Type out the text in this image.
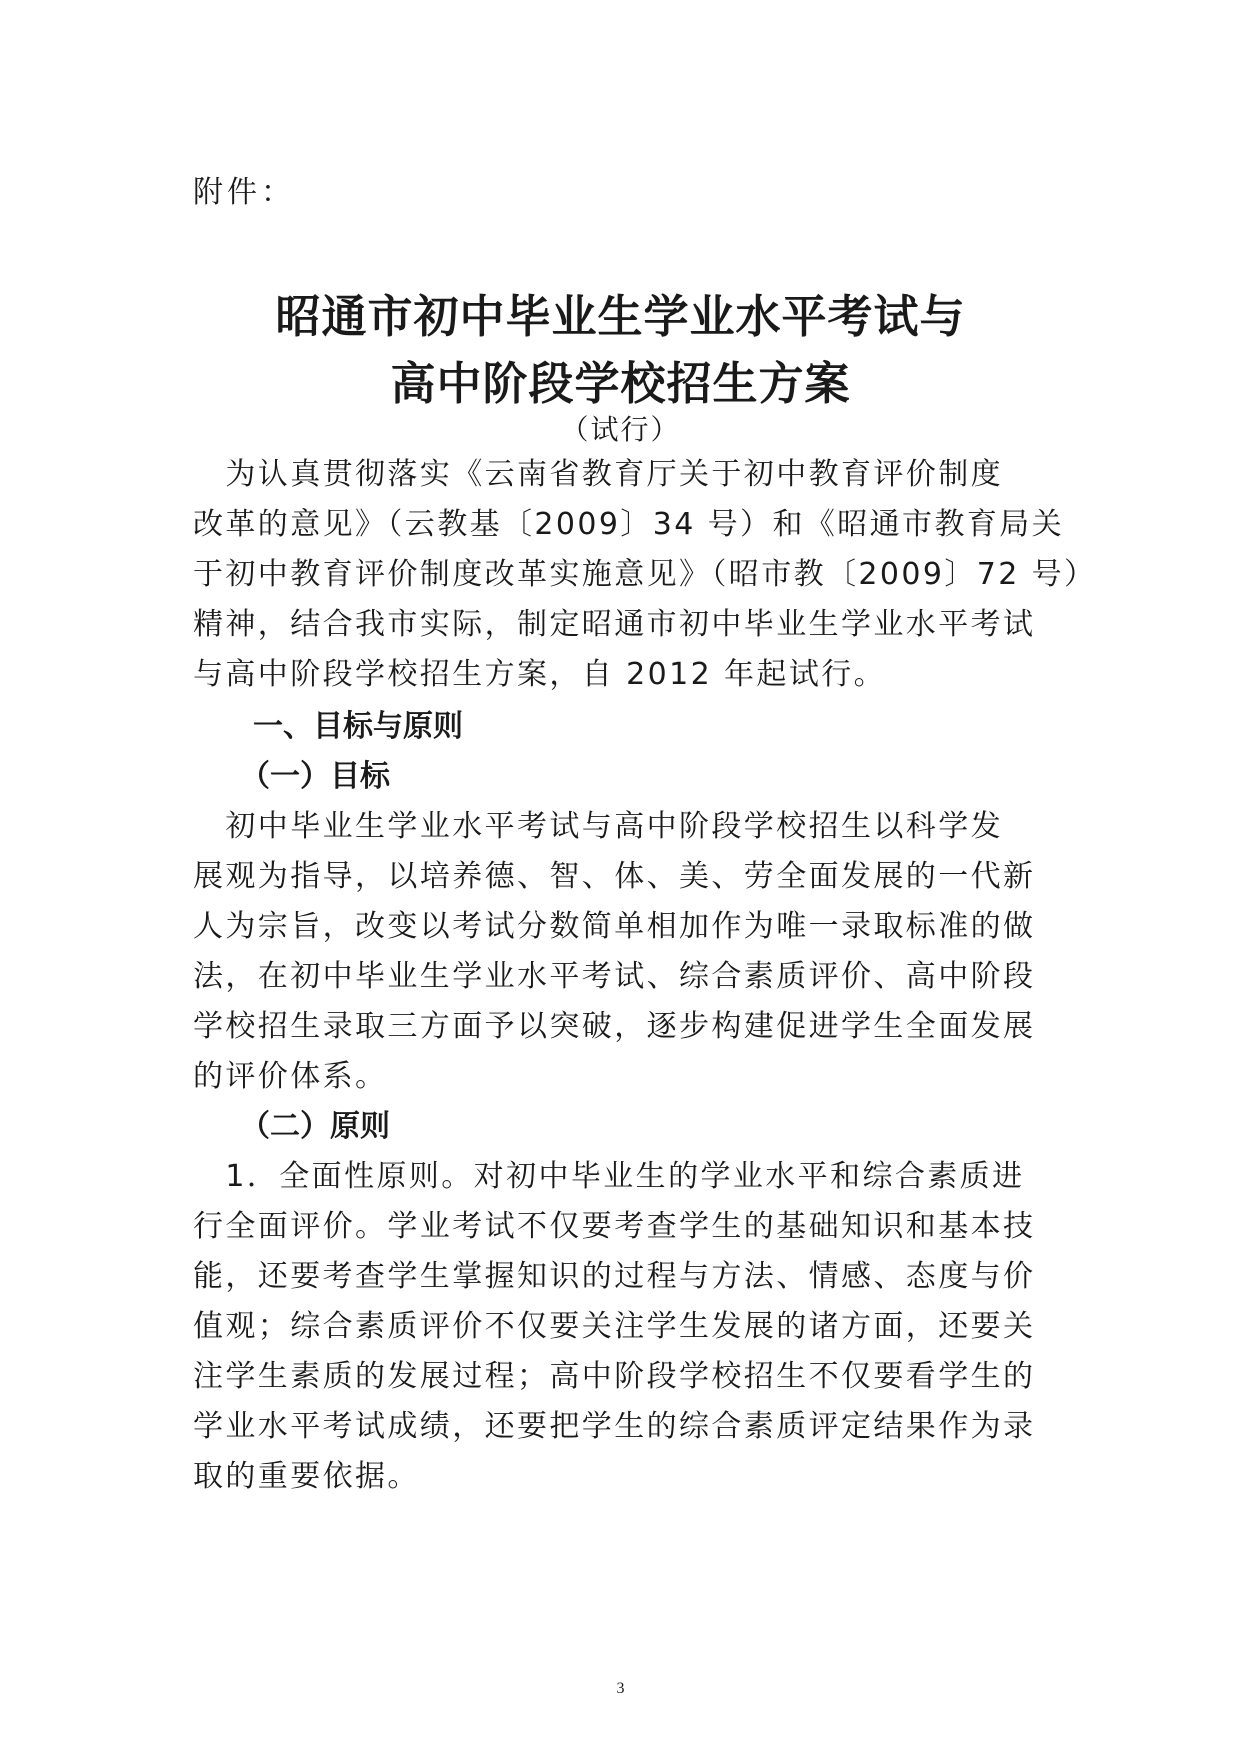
附件：
昭通市初中毕业生学业水平考试与
高中阶段学校招生方案
（试行）
　为认真贯彻落实《云南省教育厅关于初中教育评价制度
改革的意见》（云教基〔2009〕34 号）和《昭通市教育局关
于初中教育评价制度改革实施意见》（昭市教〔2009〕72 号）
精神，结合我市实际，制定昭通市初中毕业生学业水平考试
与高中阶段学校招生方案，自 2012 年起试行。
一、目标与原则
（一）目标
　初中毕业生学业水平考试与高中阶段学校招生以科学发
展观为指导，以培养德、智、体、美、劳全面发展的一代新
人为宗旨，改变以考试分数简单相加作为唯一录取标准的做
法，在初中毕业生学业水平考试、综合素质评价、高中阶段
学校招生录取三方面予以突破，逐步构建促进学生全面发展
的评价体系。
（二）原则
　1．全面性原则。对初中毕业生的学业水平和综合素质进
行全面评价。学业考试不仅要考查学生的基础知识和基本技
能，还要考查学生掌握知识的过程与方法、情感、态度与价
值观；综合素质评价不仅要关注学生发展的诸方面，还要关
注学生素质的发展过程；高中阶段学校招生不仅要看学生的
学业水平考试成绩，还要把学生的综合素质评定结果作为录
取的重要依据。
3
